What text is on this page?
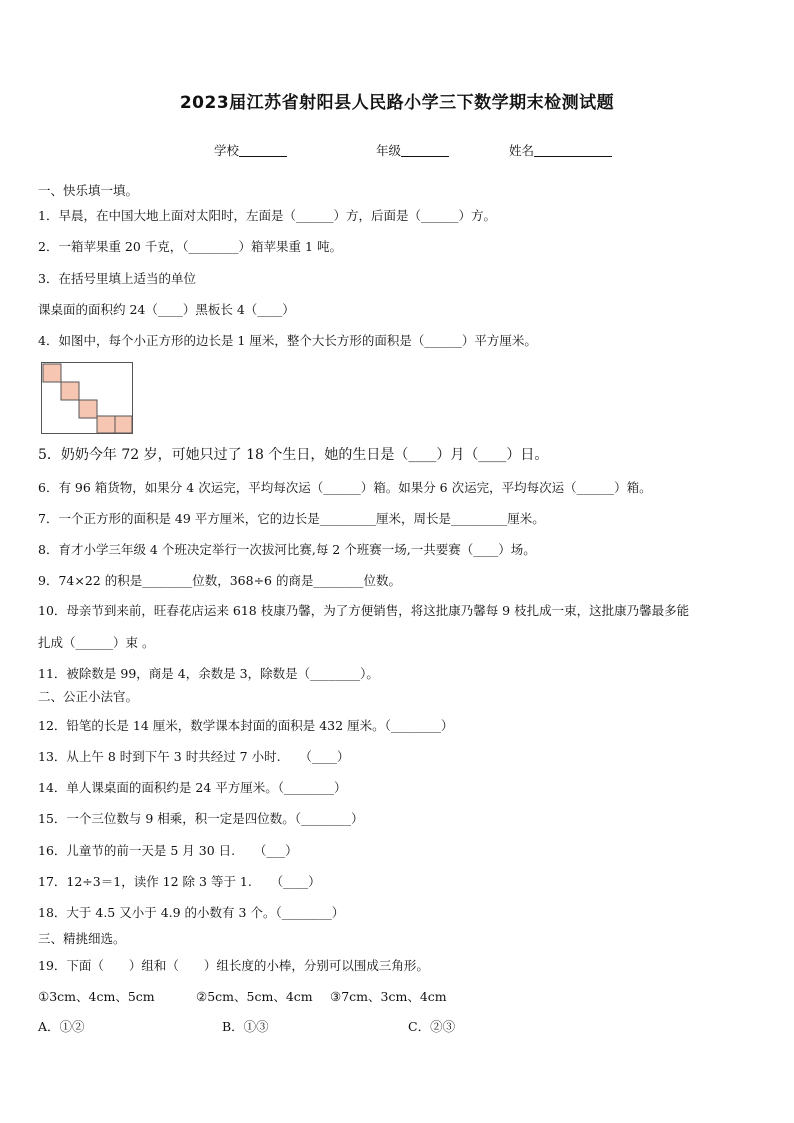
2023届江苏省射阳县人民路小学三下数学期末检测试题
学校	年级	姓名
一、快乐填一填。
1．早晨，在中国大地上面对太阳时，左面是（______）方，后面是（______）方。
2．一箱苹果重 20 千克，（________）箱苹果重 1 吨。
3．在括号里填上适当的单位
课桌面的面积约 24（____）黑板长 4（____）
4．如图中，每个小正方形的边长是 1 厘米，整个大长方形的面积是（______）平方厘米。
5．奶奶今年 72 岁，可她只过了 18 个生日，她的生日是（____）月（____）日。
6．有 96 箱货物，如果分 4 次运完，平均每次运（______）箱。如果分 6 次运完，平均每次运（______）箱。
7．一个正方形的面积是 49 平方厘米，它的边长是_________厘米，周长是_________厘米。
8．育才小学三年级 4 个班决定举行一次拔河比赛,每 2 个班赛一场,一共要赛（____）场。
9．74×22 的积是________位数，368÷6 的商是________位数。
10．母亲节到来前，旺春花店运来 618 枝康乃馨，为了方便销售，将这批康乃馨每 9 枝扎成一束，这批康乃馨最多能
扎成（______）束 。
11．被除数是 99，商是 4，余数是 3，除数是（________）。
二、公正小法官。
12．铅笔的长是 14 厘米，数学课本封面的面积是 432 厘米。（________）
13．从上午 8 时到下午 3 时共经过 7 小时.　　（____）
14．单人课桌面的面积约是 24 平方厘米。（________）
15．一个三位数与 9 相乘，积一定是四位数。（________）
16．儿童节的前一天是 5 月 30 日.　　（___）
17．12÷3＝1，读作 12 除 3 等于 1.　　（____）
18．大于 4.5 又小于 4.9 的小数有 3 个。（________）
三、精挑细选。
19．下面（　　）组和（　　）组长度的小棒，分别可以围成三角形。
①3cm、4cm、5cm	②5cm、5cm、4cm ③7cm、3cm、4cm
A．①②	B．①③	C．②③
